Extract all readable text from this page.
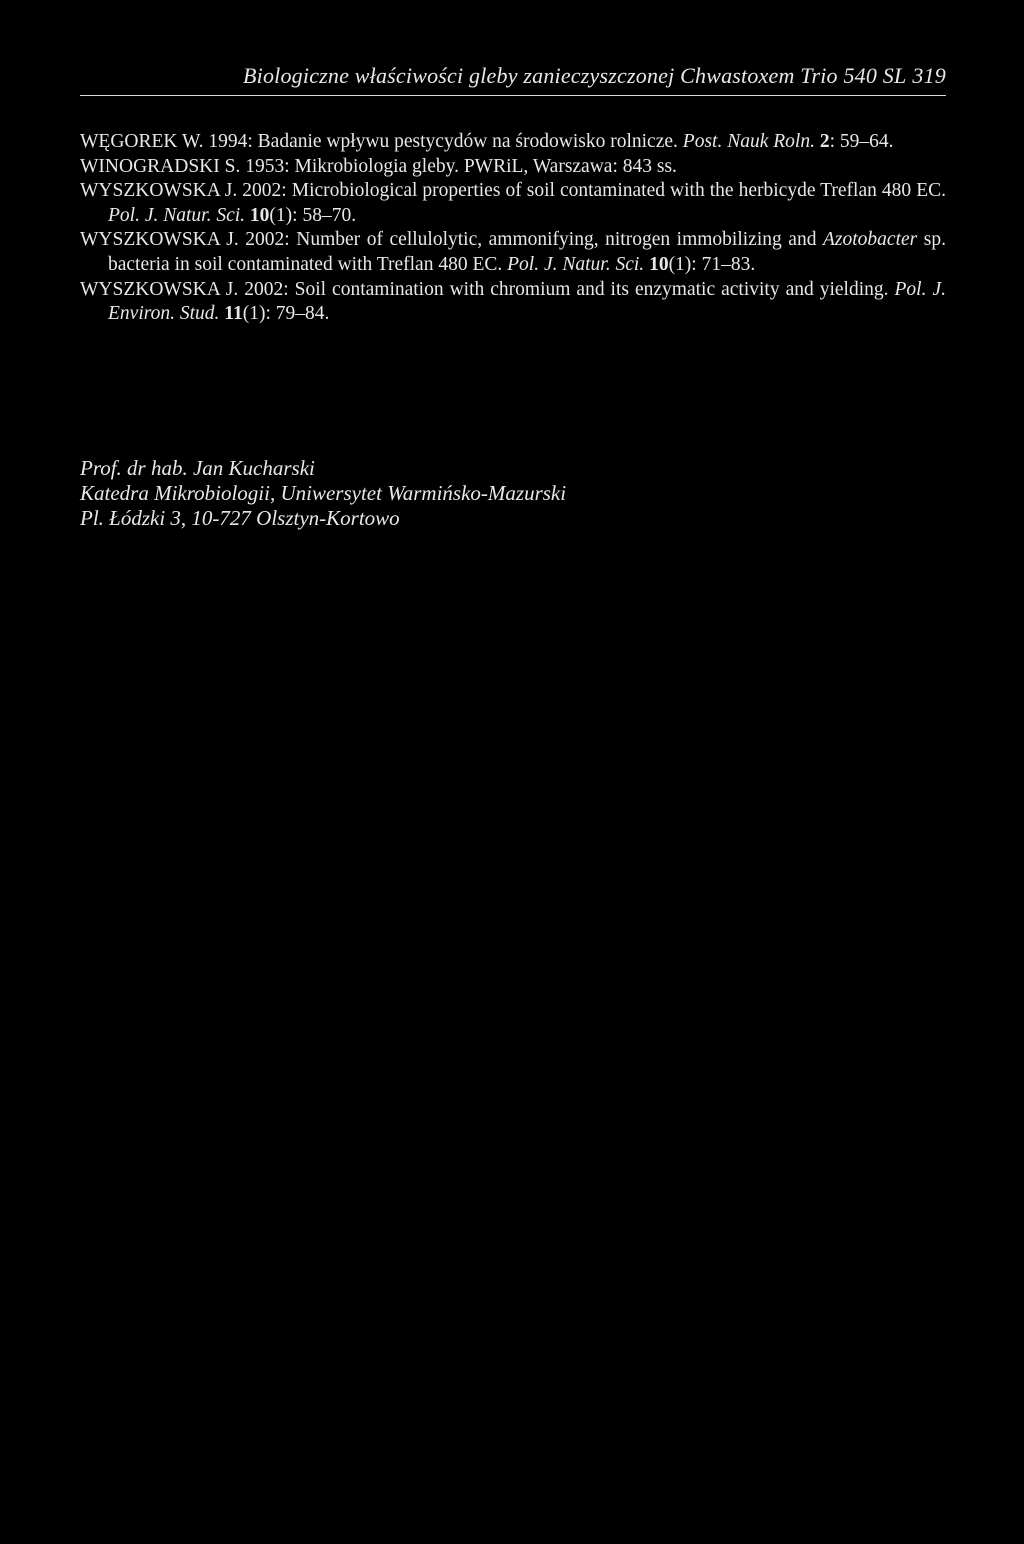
Biologiczne właściwości gleby zanieczyszczonej Chwastoxem Trio 540 SL 319
WĘGOREK W. 1994: Badanie wpływu pestycydów na środowisko rolnicze. Post. Nauk Roln. 2: 59–64.
WINOGRADSKI S. 1953: Mikrobiologia gleby. PWRiL, Warszawa: 843 ss.
WYSZKOWSKA J. 2002: Microbiological properties of soil contaminated with the herbicyde Treflan 480 EC. Pol. J. Natur. Sci. 10(1): 58–70.
WYSZKOWSKA J. 2002: Number of cellulolytic, ammonifying, nitrogen immobilizing and Azotobacter sp. bacteria in soil contaminated with Treflan 480 EC. Pol. J. Natur. Sci. 10(1): 71–83.
WYSZKOWSKA J. 2002: Soil contamination with chromium and its enzymatic activity and yielding. Pol. J. Environ. Stud. 11(1): 79–84.
Prof. dr hab. Jan Kucharski
Katedra Mikrobiologii, Uniwersytet Warmińsko-Mazurski
Pl. Łódzki 3, 10-727 Olsztyn-Kortowo
